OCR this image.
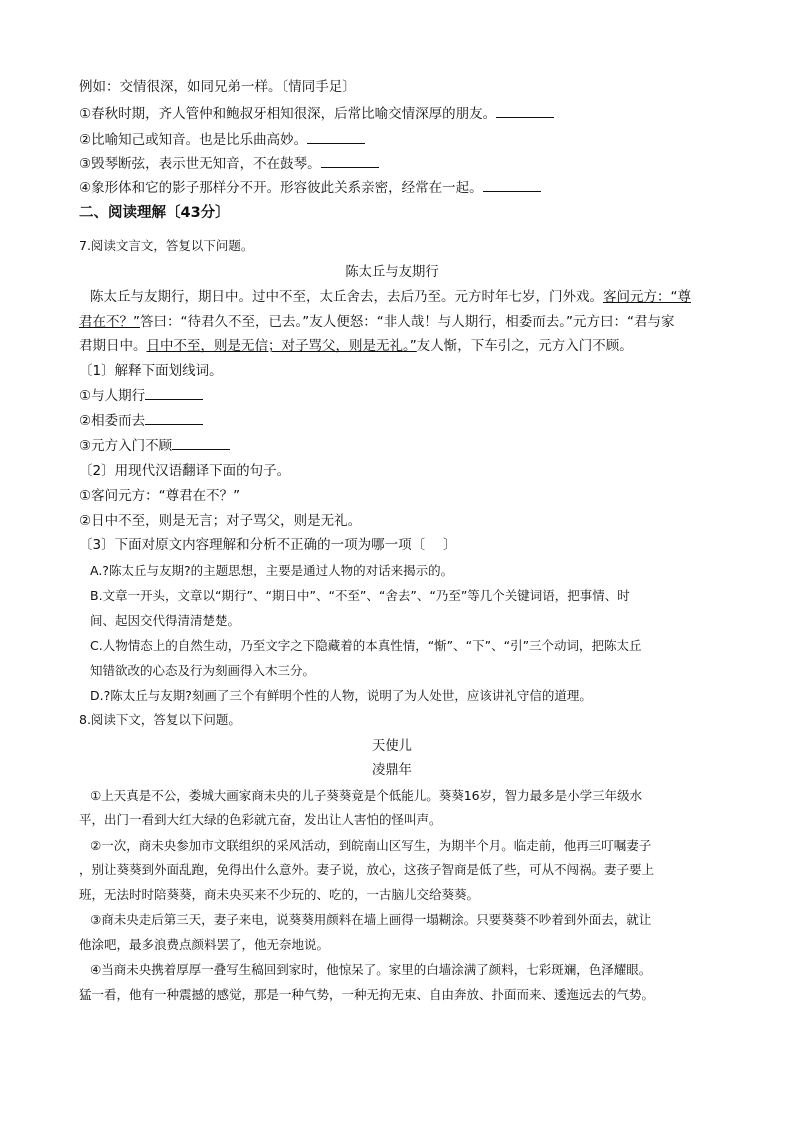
例如：交情很深，如同兄弟一样。〔情同手足〕
①春秋时期，齐人管仲和鲍叔牙相知很深，后常比喻交情深厚的朋友。
②比喻知己或知音。也是比乐曲高妙。
③毁琴断弦，表示世无知音，不在鼓琴。
④象形体和它的影子那样分不开。形容彼此关系亲密，经常在一起。
二、阅读理解〔43分〕
7.阅读文言文，答复以下问题。
陈太丘与友期行
陈太丘与友期行，期日中。过中不至，太丘舍去，去后乃至。元方时年七岁，门外戏。客问元方：“尊
君在不？”答曰：“待君久不至，已去。”友人便怒：“非人哉！与人期行，相委而去。”元方曰：“君与家
君期日中。日中不至，则是无信；对子骂父，则是无礼。”友人惭，下车引之，元方入门不顾。
〔1〕解释下面划线词。
①与人期行
②相委而去
③元方入门不顾
〔2〕用现代汉语翻译下面的句子。
①客问元方：“尊君在不？”
②日中不至，则是无言；对子骂父，则是无礼。
〔3〕下面对原文内容理解和分析不正确的一项为哪一项〔　 〕
A.?陈太丘与友期?的主题思想，主要是通过人物的对话来揭示的。
B.文章一开头，文章以“期行”、“期日中”、“不至”、“舍去”、“乃至”等几个关键词语，把事情、时
间、起因交代得清清楚楚。
C.人物情态上的自然生动，乃至文字之下隐藏着的本真性情，“惭”、“下”、“引”三个动词，把陈太丘
知错欲改的心态及行为刻画得入木三分。
D.?陈太丘与友期?刻画了三个有鲜明个性的人物，说明了为人处世，应该讲礼守信的道理。
8.阅读下文，答复以下问题。
天使儿
凌鼎年
①上天真是不公，娄城大画家商未央的儿子葵葵竟是个低能儿。葵葵16岁，智力最多是小学三年级水
平，出门一看到大红大绿的色彩就亢奋，发出让人害怕的怪叫声。
②一次，商未央参加市文联组织的采风活动，到皖南山区写生，为期半个月。临走前，他再三叮嘱妻子
，别让葵葵到外面乱跑，免得出什么意外。妻子说，放心，这孩子智商是低了些，可从不闯祸。妻子要上
班，无法时时陪葵葵，商未央买来不少玩的、吃的，一古脑儿交给葵葵。
③商未央走后第三天，妻子来电，说葵葵用颜料在墙上画得一塌糊涂。只要葵葵不吵着到外面去，就让
他涂吧，最多浪费点颜料罢了，他无奈地说。
④当商未央携着厚厚一叠写生稿回到家时，他惊呆了。家里的白墙涂满了颜料，七彩斑斓，色泽耀眼。
猛一看，他有一种震撼的感觉，那是一种气势，一种无拘无束、自由奔放、扑面而来、逶迤远去的气势。
